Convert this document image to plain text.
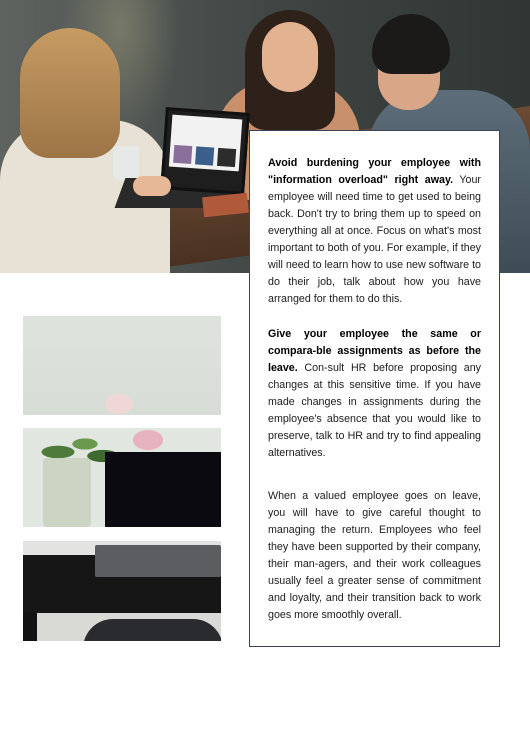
Avoid burdening your employee with "information overload" right away. Your employee will need time to get used to being back. Don't try to bring them up to speed on everything all at once. Focus on what's most important to both of you. For example, if they will need to learn how to use new software to do their job, talk about how you have arranged for them to do this.

Give your employee the same or compara-ble assignments as before the leave. Con-sult HR before proposing any changes at this sensitive time. If you have made changes in assignments during the employee's absence that you would like to preserve, talk to HR and try to find appealing alternatives.

When a valued employee goes on leave, you will have to give careful thought to managing the return. Employees who feel they have been supported by their company, their man-agers, and their work colleagues usually feel a greater sense of commitment and loyalty, and their transition back to work goes more smoothly overall.
